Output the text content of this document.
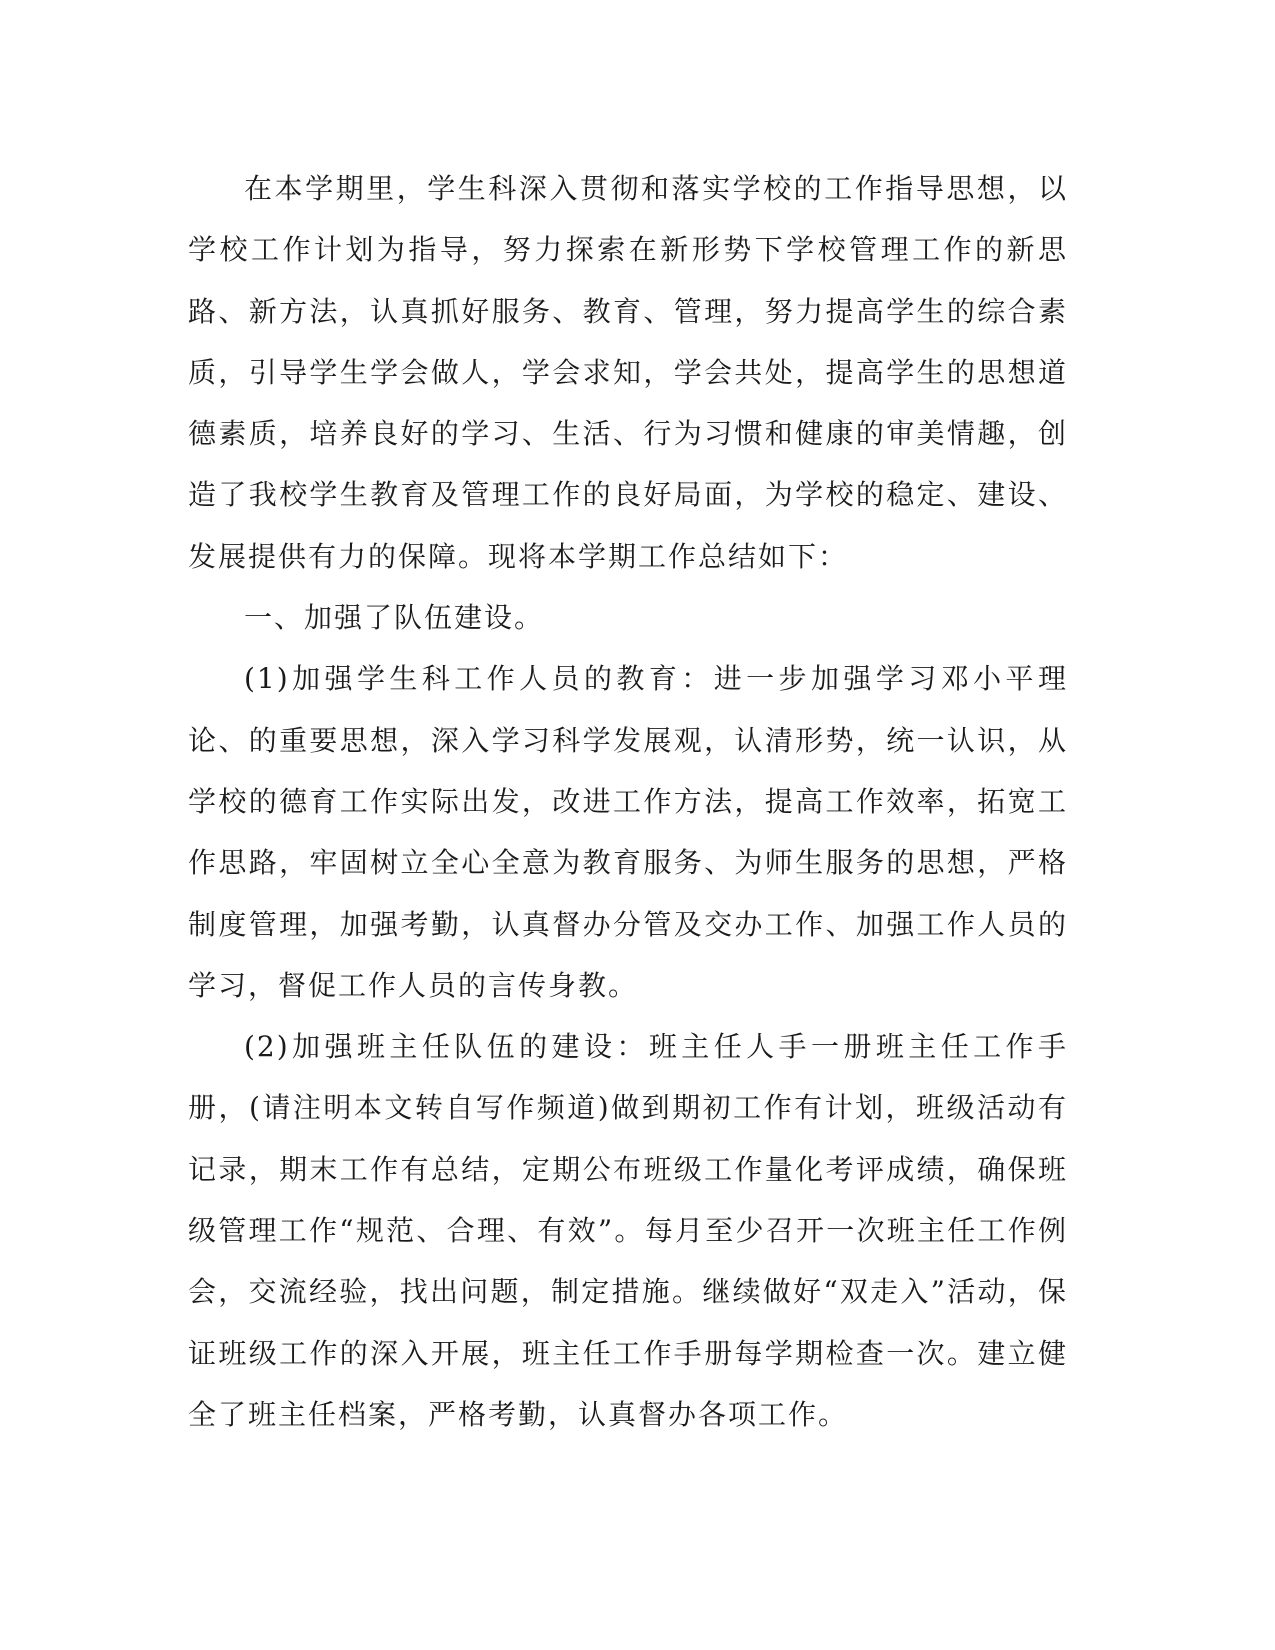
在本学期里，学生科深入贯彻和落实学校的工作指导思想，以学校工作计划为指导，努力探索在新形势下学校管理工作的新思路、新方法，认真抓好服务、教育、管理，努力提高学生的综合素质，引导学生学会做人，学会求知，学会共处，提高学生的思想道德素质，培养良好的学习、生活、行为习惯和健康的审美情趣，创造了我校学生教育及管理工作的良好局面，为学校的稳定、建设、发展提供有力的保障。现将本学期工作总结如下：

一、加强了队伍建设。

(1)加强学生科工作人员的教育：进一步加强学习邓小平理论、的重要思想，深入学习科学发展观，认清形势，统一认识，从学校的德育工作实际出发，改进工作方法，提高工作效率，拓宽工作思路，牢固树立全心全意为教育服务、为师生服务的思想，严格制度管理，加强考勤，认真督办分管及交办工作、加强工作人员的学习，督促工作人员的言传身教。

(2)加强班主任队伍的建设：班主任人手一册班主任工作手册，(请注明本文转自写作频道)做到期初工作有计划，班级活动有记录，期末工作有总结，定期公布班级工作量化考评成绩，确保班级管理工作“规范、合理、有效”。每月至少召开一次班主任工作例会，交流经验，找出问题，制定措施。继续做好“双走入”活动，保证班级工作的深入开展，班主任工作手册每学期检查一次。建立健全了班主任档案，严格考勤，认真督办各项工作。
